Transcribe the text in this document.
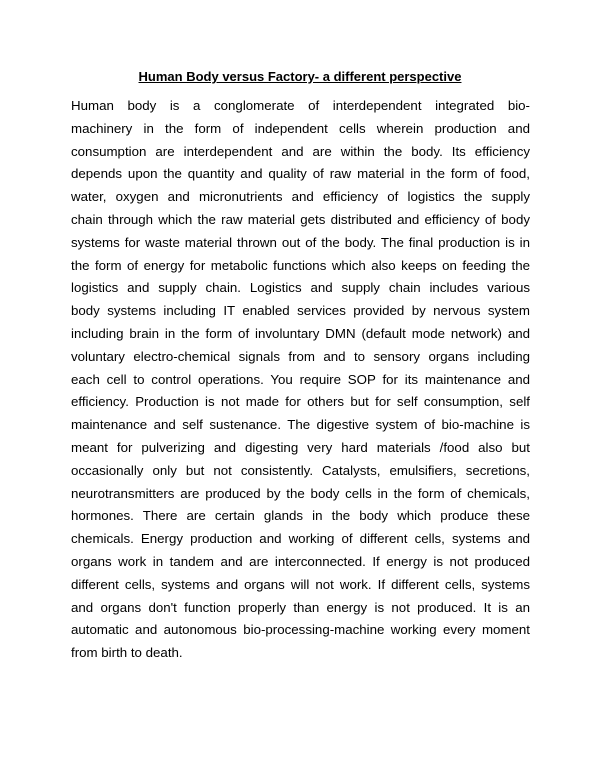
Human Body versus Factory- a different perspective
Human body is a conglomerate of interdependent integrated bio-
machinery in the form of independent cells wherein production and
consumption are interdependent and are within the body. Its efficiency
depends upon the quantity and quality of raw material in the form of food,
water, oxygen and micronutrients and efficiency of logistics the supply
chain through which the raw material gets distributed and efficiency of body
systems for waste material thrown out of the body. The final production is in
the form of energy for metabolic functions which also keeps on feeding the
logistics and supply chain. Logistics and supply chain includes various
body systems including IT enabled services provided by nervous system
including brain in the form of involuntary DMN (default mode network) and
voluntary electro-chemical signals from and to sensory organs including
each cell to control operations. You require SOP for its maintenance and
efficiency. Production is not made for others but for self consumption, self
maintenance and self sustenance. The digestive system of bio-machine is
meant for pulverizing and digesting very hard materials /food also but
occasionally only but not consistently. Catalysts, emulsifiers, secretions,
neurotransmitters are produced by the body cells in the form of chemicals,
hormones. There are certain glands in the body which produce these
chemicals. Energy production and working of different cells, systems and
organs work in tandem and are interconnected. If energy is not produced
different cells, systems and organs will not work. If different cells, systems
and organs don't function properly than energy is not produced. It is an
automatic and autonomous bio-processing-machine working every moment
from birth to death.
